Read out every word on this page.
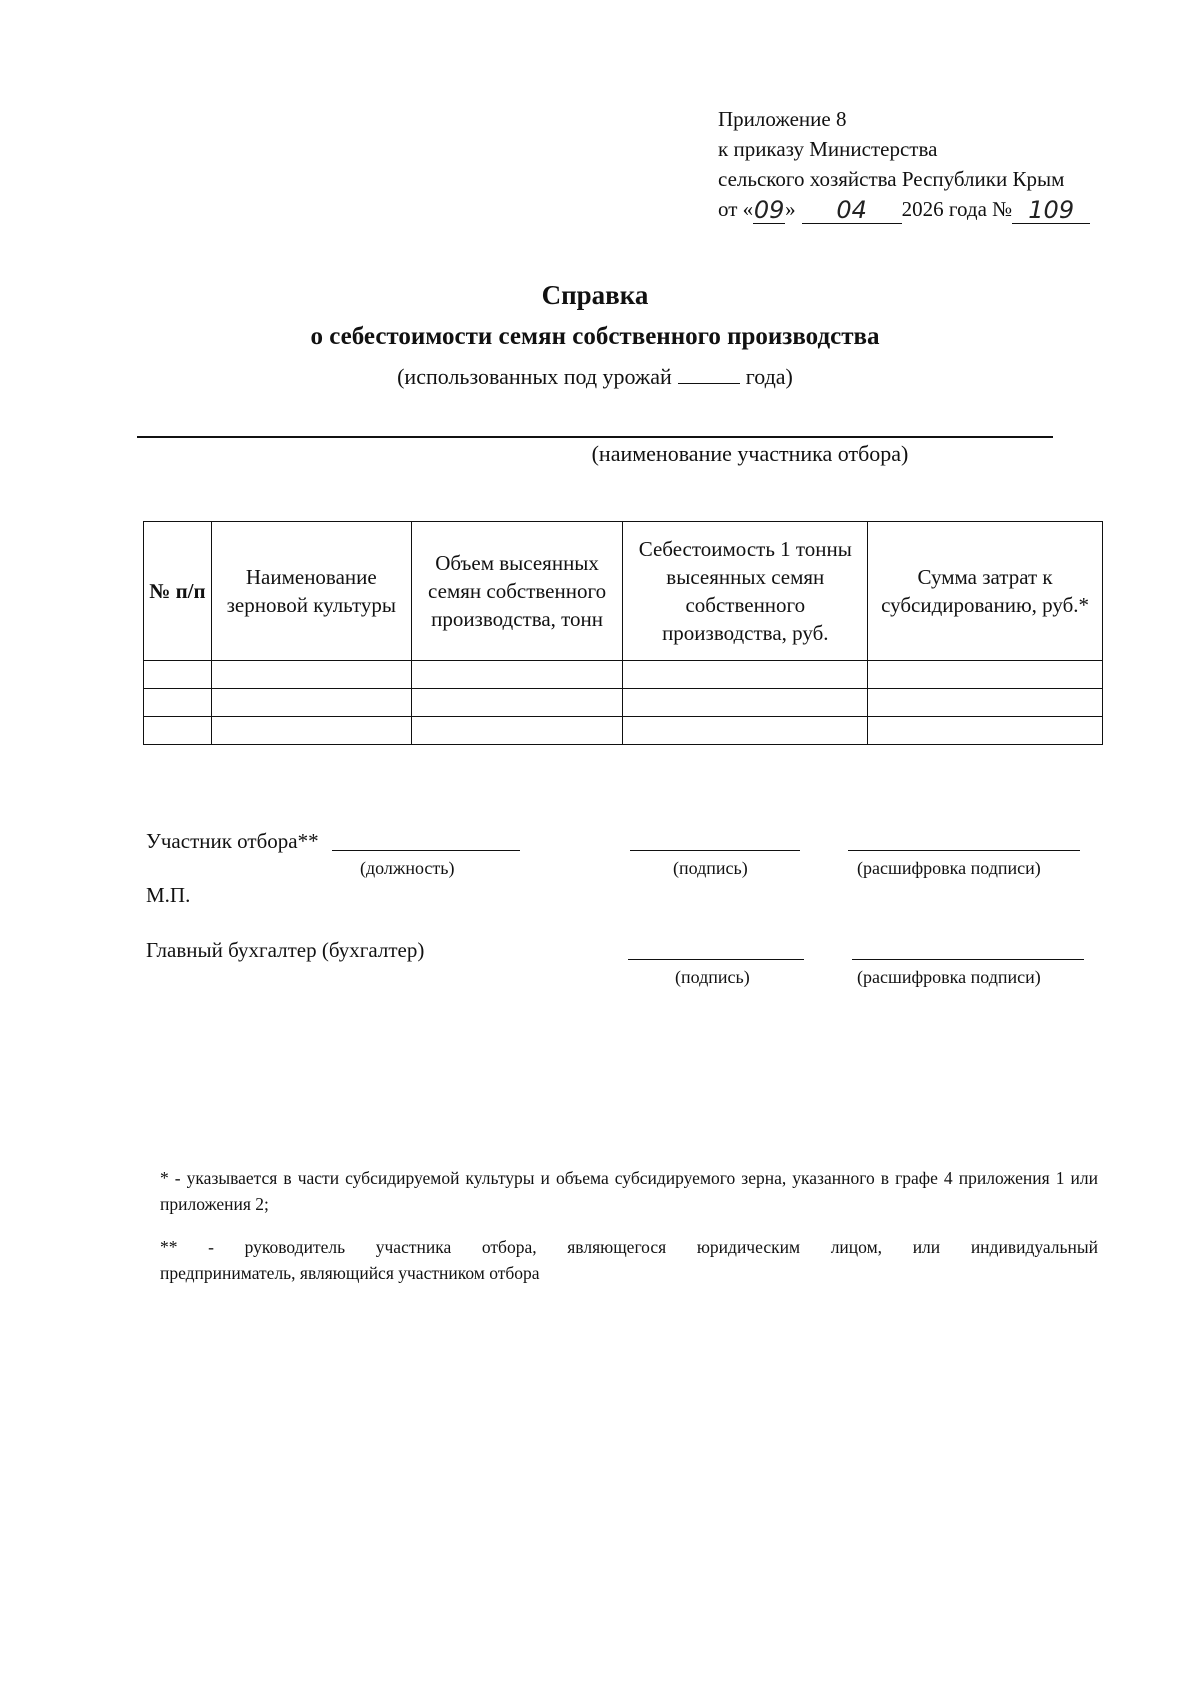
Приложение 8
к приказу Министерства
сельского хозяйства Республики Крым
от « 09 »	04	2026 года № 109
Справка
о себестоимости семян собственного производства
(использованных под урожай	года)
(наименование участника отбора)
№ п/п	Наименование зерновой культуры	Объем высеянных семян собственного производства, тонн	Себестоимость 1 тонны высеянных семян собственного производства, руб.	Сумма затрат к субсидированию, руб.*

Участник отбора**
(должность)	(подпись)	(расшифровка подписи)
М.П.
Главный бухгалтер (бухгалтер)
(подпись)	(расшифровка подписи)
* - указывается в части субсидируемой культуры и объема субсидируемого зерна, указанного в графе 4 приложения 1 или приложения 2;
** - руководитель участника отбора, являющегося юридическим лицом, или индивидуальный
предприниматель, являющийся участником отбора
